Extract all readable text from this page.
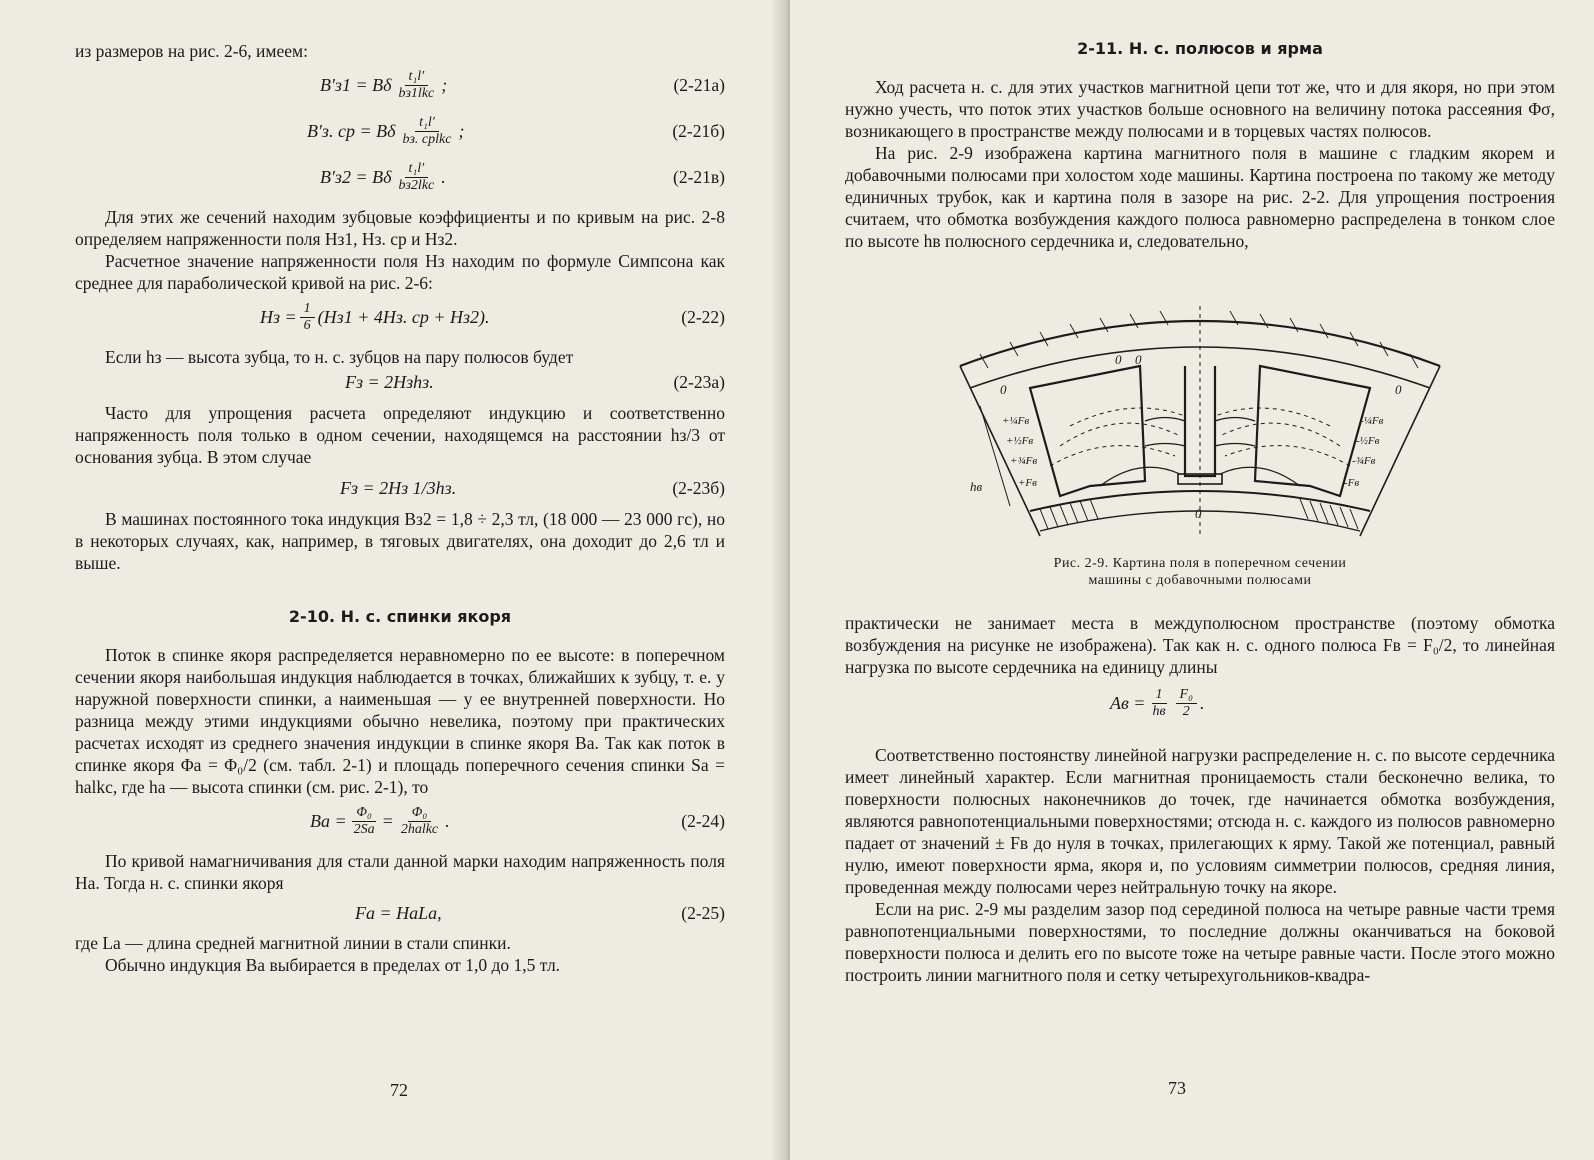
из размеров на рис. 2-6, имеем:

B′з1 = Bδ $\frac{\text{t₁l′}}{\text{bз1lkc}}$ ;	(2-21а)
B′з. ср = Bδ $\frac{\text{t₁l′}}{\text{bз. срlkc}}$ ;	(2-21б)
B′з2 = Bδ $\frac{\text{t₁l′}}{\text{bз2lkc}}$ .	(2-21в)

Для этих же сечений находим зубцовые коэффициенты и по кривым на рис. 2-8 определяем напряженности поля Hз1, Hз. ср и Hз2.

Расчетное значение напряженности поля Hз находим по формуле Симпсона как среднее для параболической кривой на рис. 2-6:

Hз = $\frac{1}{6} (Hз1 + 4Hз$. ср + Hз2).	(2-22)

Если hз — высота зубца, то н. с. зубцов на пару полюсов будет

Fз = 2Hзhз.	(2-23а)

Часто для упрощения расчета определяют индукцию и соответственно напряженность поля только в одном сечении, находящемся на расстоянии hз/3 от основания зубца. В этом случае

Fз = 2Hз 1/3hз.	(2-23б)

В машинах постоянного тока индукция Bз2 = 1,8 ÷ 2,3 тл, (18 000 — 23 000 гс), но в некоторых случаях, как, например, в тяговых двигателях, она доходит до 2,6 тл и выше.

2-10. Н. с. спинки якоря

Поток в спинке якоря распределяется неравномерно по ее высоте: в поперечном сечении якоря наибольшая индукция наблюдается в точках, ближайших к зубцу, т. е. у наружной поверхности спинки, а наименьшая — у ее внутренней поверхности. Но разница между этими индукциями обычно невелика, поэтому при практических расчетах исходят из среднего значения индукции в спинке якоря Ba. Так как поток в спинке якоря Φa = Φ₀/2 (см. табл. 2-1) и площадь поперечного сечения спинки Sa = halkc, где ha — высота спинки (см. рис. 2-1), то

$Ba = \frac{\text{Φ₀}}{2Sa} = \frac{\text{Φ₀}}{\text{2halkc}}$ .	(2-24)

По кривой намагничивания для стали данной марки находим напряженность поля Ha. Тогда н. с. спинки якоря

Fa = HaLa,	(2-25)

где La — длина средней магнитной линии в стали спинки.

Обычно индукция Ba выбирается в пределах от 1,0 до 1,5 тл.

72

2-11. Н. с. полюсов и ярма

Ход расчета н. с. для этих участков магнитной цепи тот же, что и для якоря, но при этом нужно учесть, что поток этих участков больше основного на величину потока рассеяния Φσ, возникающего в пространстве между полюсами и в торцевых частях полюсов.

На рис. 2-9 изображена картина магнитного поля в машине с гладким якорем и добавочными полюсами при холостом ходе машины. Картина построена по такому же методу единичных трубок, как и картина поля в зазоре на рис. 2-2. Для упрощения построения считаем, что обмотка возбуждения каждого полюса равномерно распределена в тонком слое по высоте hв полюсного сердечника и, следовательно,

0 0
0	0
+¼Fв
+½Fв
+¾Fв
+Fв
-¼Fв
-½Fв
-¾Fв
-Fв
hв
0
Рис. 2-9. Картина поля в поперечном сечении
машины с добавочными полюсами

практически не занимает места в междуполюсном пространстве (поэтому обмотка возбуждения на рисунке не изображена). Так как н. с. одного полюса Fв = F₀/2, то линейная нагрузка по высоте сердечника на единицу длины

Aв = $\frac{1}{hв} \frac{\text{F₀}}{2}$ .

Соответственно постоянству линейной нагрузки распределение н. с. по высоте сердечника имеет линейный характер. Если магнитная проницаемость стали бесконечно велика, то поверхности полюсных наконечников до точек, где начинается обмотка возбуждения, являются равнопотенциальными поверхностями; отсюда н. с. каждого из полюсов равномерно падает от значений ± Fв до нуля в точках, прилегающих к ярму. Такой же потенциал, равный нулю, имеют поверхности ярма, якоря и, по условиям симметрии полюсов, средняя линия, проведенная между полюсами через нейтральную точку на якоре.

Если на рис. 2-9 мы разделим зазор под серединой полюса на четыре равные части тремя равнопотенциальными поверхностями, то последние должны оканчиваться на боковой поверхности полюса и делить его по высоте тоже на четыре равные части. После этого можно построить линии магнитного поля и сетку четырехугольников-квадра-

73
